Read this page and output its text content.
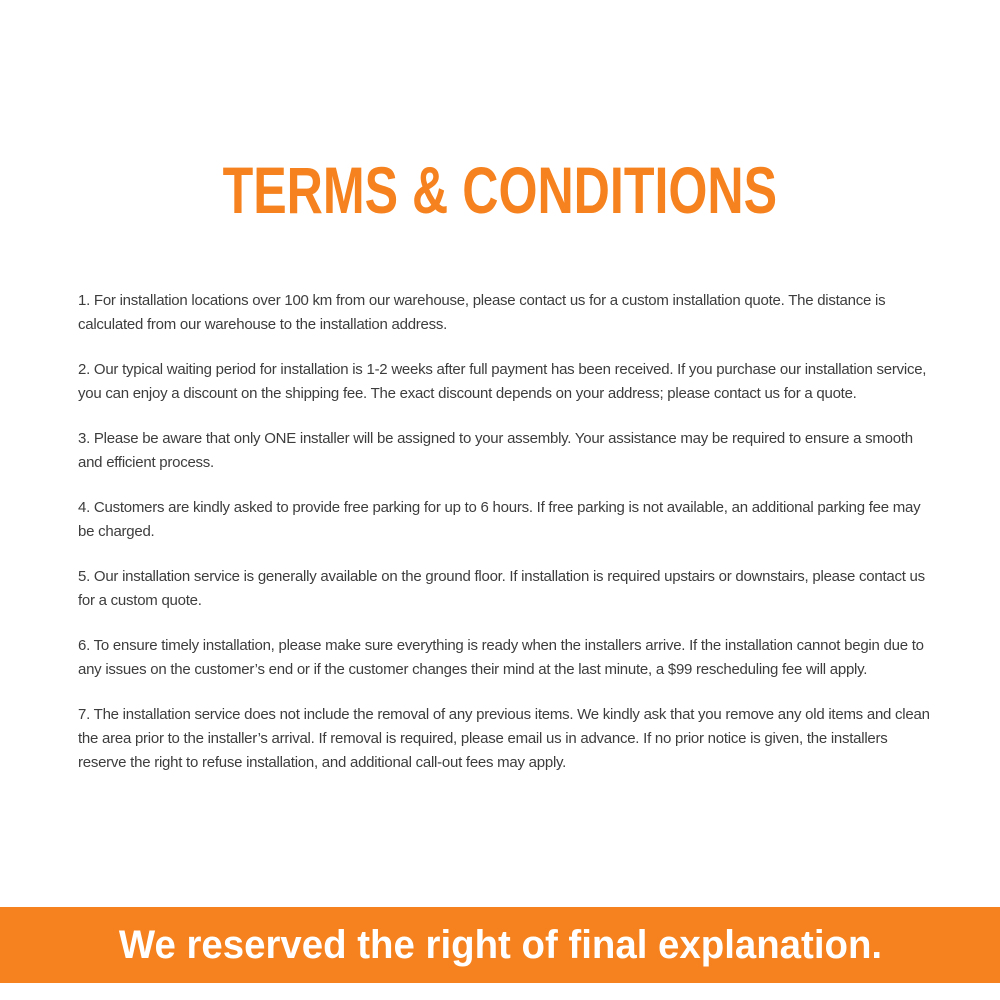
TERMS & CONDITIONS

1. For installation locations over 100 km from our warehouse, please contact us for a custom installation quote. The distance is calculated from our warehouse to the installation address.

2. Our typical waiting period for installation is 1-2 weeks after full payment has been received. If you purchase our installation service, you can enjoy a discount on the shipping fee. The exact discount depends on your address; please contact us for a quote.

3. Please be aware that only ONE installer will be assigned to your assembly. Your assistance may be required to ensure a smooth and efficient process.

4. Customers are kindly asked to provide free parking for up to 6 hours. If free parking is not available, an additional parking fee may be charged.

5. Our installation service is generally available on the ground floor. If installation is required upstairs or downstairs, please contact us for a custom quote.

6. To ensure timely installation, please make sure everything is ready when the installers arrive. If the installation cannot begin due to any issues on the customer’s end or if the customer changes their mind at the last minute, a $99 rescheduling fee will apply.

7. The installation service does not include the removal of any previous items. We kindly ask that you remove any old items and clean the area prior to the installer’s arrival. If removal is required, please email us in advance. If no prior notice is given, the installers reserve the right to refuse installation, and additional call-out fees may apply.

We reserved the right of final explanation.
